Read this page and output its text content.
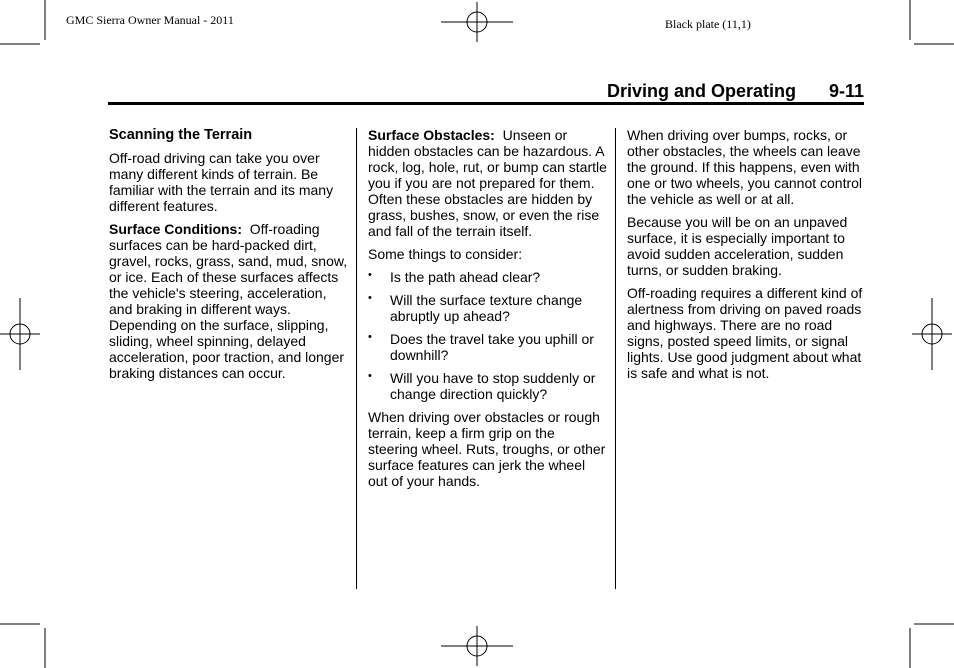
GMC Sierra Owner Manual - 2011	Black plate (11,1)
Driving and Operating 9-11
Scanning the Terrain

Off-road driving can take you over many different kinds of terrain. Be familiar with the terrain and its many different features.

Surface Conditions: Off-roading surfaces can be hard-packed dirt, gravel, rocks, grass, sand, mud, snow, or ice. Each of these surfaces affects the vehicle's steering, acceleration, and braking in different ways. Depending on the surface, slipping, sliding, wheel spinning, delayed acceleration, poor traction, and longer braking distances can occur.

Surface Obstacles: Unseen or hidden obstacles can be hazardous. A rock, log, hole, rut, or bump can startle you if you are not prepared for them. Often these obstacles are hidden by grass, bushes, snow, or even the rise and fall of the terrain itself.

Some things to consider:

• Is the path ahead clear?
• Will the surface texture change abruptly up ahead?
• Does the travel take you uphill or downhill?
• Will you have to stop suddenly or change direction quickly?

When driving over obstacles or rough terrain, keep a firm grip on the steering wheel. Ruts, troughs, or other surface features can jerk the wheel out of your hands.

When driving over bumps, rocks, or other obstacles, the wheels can leave the ground. If this happens, even with one or two wheels, you cannot control the vehicle as well or at all.

Because you will be on an unpaved surface, it is especially important to avoid sudden acceleration, sudden turns, or sudden braking.

Off-roading requires a different kind of alertness from driving on paved roads and highways. There are no road signs, posted speed limits, or signal lights. Use good judgment about what is safe and what is not.
